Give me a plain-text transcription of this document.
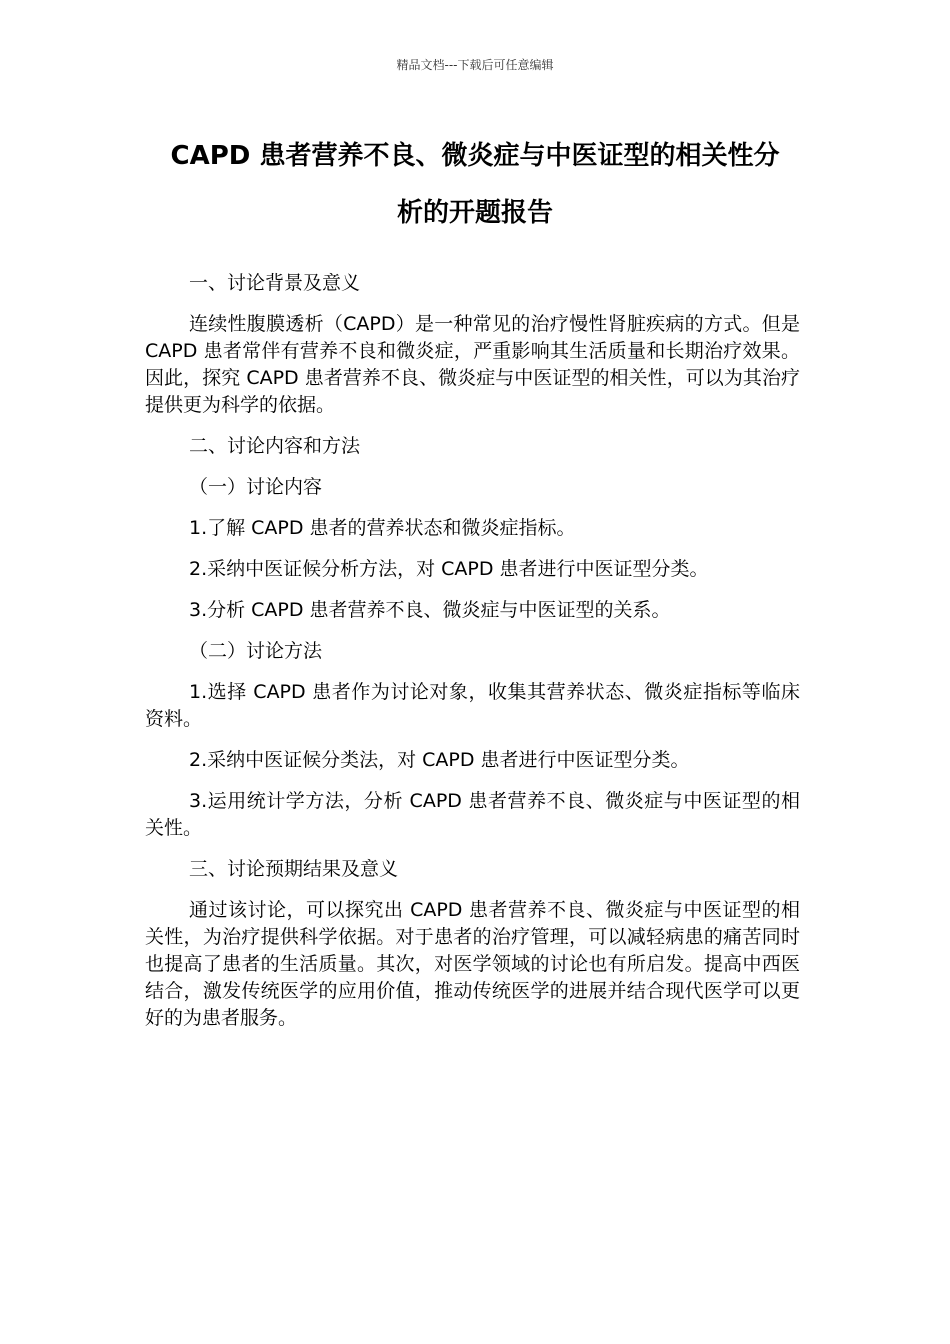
精品文档---下载后可任意编辑
CAPD 患者营养不良、微炎症与中医证型的相关性分
析的开题报告

一、讨论背景及意义

连续性腹膜透析（CAPD）是一种常见的治疗慢性肾脏疾病的方式。但是 CAPD 患者常伴有营养不良和微炎症，严重影响其生活质量和长期治疗效果。因此，探究 CAPD 患者营养不良、微炎症与中医证型的相关性，可以为其治疗提供更为科学的依据。

二、讨论内容和方法

（一）讨论内容

1.了解 CAPD 患者的营养状态和微炎症指标。

2.采纳中医证候分析方法，对 CAPD 患者进行中医证型分类。

3.分析 CAPD 患者营养不良、微炎症与中医证型的关系。

（二）讨论方法

1.选择 CAPD 患者作为讨论对象，收集其营养状态、微炎症指标等临床资料。

2.采纳中医证候分类法，对 CAPD 患者进行中医证型分类。

3.运用统计学方法，分析 CAPD 患者营养不良、微炎症与中医证型的相关性。

三、讨论预期结果及意义

通过该讨论，可以探究出 CAPD 患者营养不良、微炎症与中医证型的相关性，为治疗提供科学依据。对于患者的治疗管理，可以减轻病患的痛苦同时也提高了患者的生活质量。其次，对医学领域的讨论也有所启发。提高中西医结合，激发传统医学的应用价值，推动传统医学的进展并结合现代医学可以更好的为患者服务。
